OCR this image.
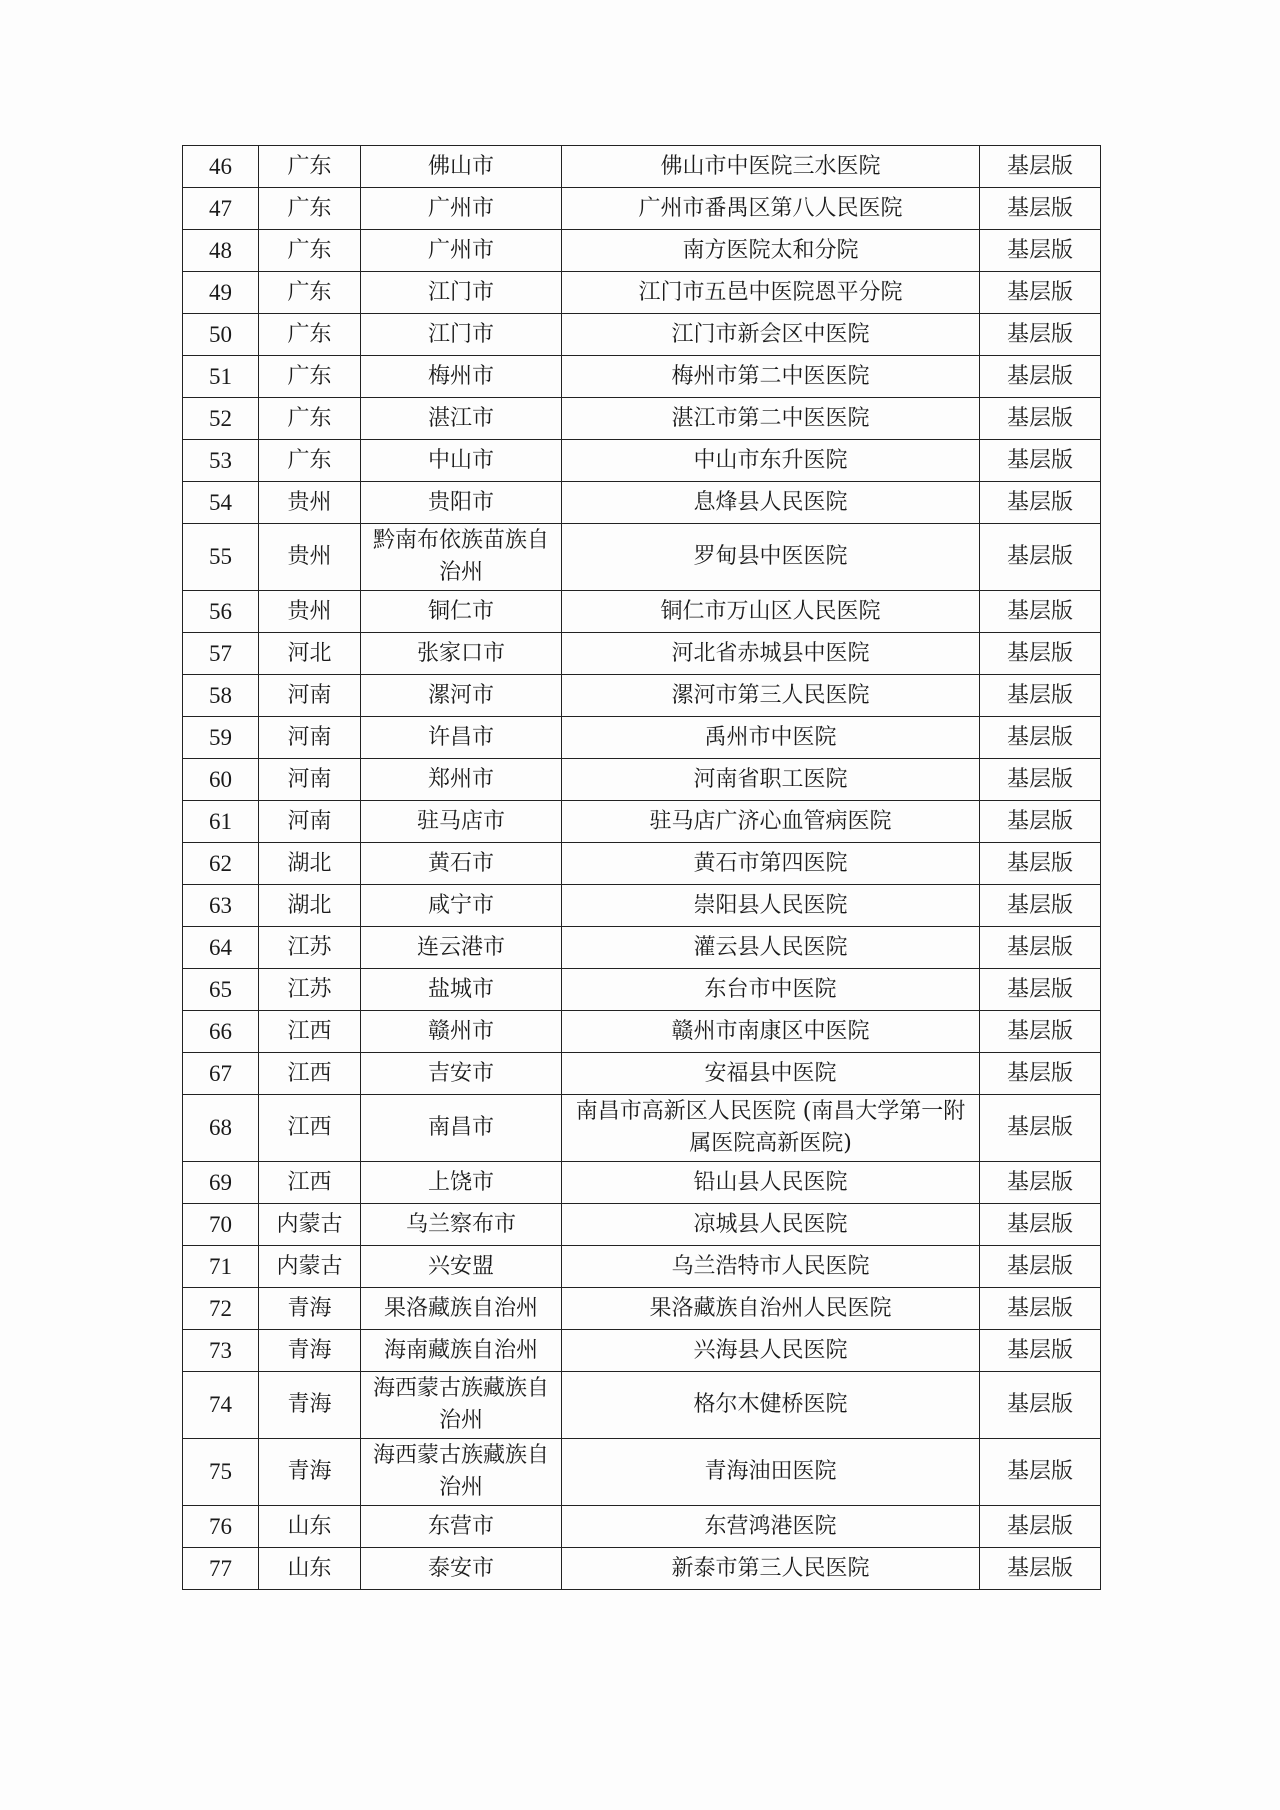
46	广东	佛山市	佛山市中医院三水医院	基层版
47	广东	广州市	广州市番禺区第八人民医院	基层版
48	广东	广州市	南方医院太和分院	基层版
49	广东	江门市	江门市五邑中医院恩平分院	基层版
50	广东	江门市	江门市新会区中医院	基层版
51	广东	梅州市	梅州市第二中医医院	基层版
52	广东	湛江市	湛江市第二中医医院	基层版
53	广东	中山市	中山市东升医院	基层版
54	贵州	贵阳市	息烽县人民医院	基层版
55	贵州	黔南布依族苗族自治州	罗甸县中医医院	基层版
56	贵州	铜仁市	铜仁市万山区人民医院	基层版
57	河北	张家口市	河北省赤城县中医院	基层版
58	河南	漯河市	漯河市第三人民医院	基层版
59	河南	许昌市	禹州市中医院	基层版
60	河南	郑州市	河南省职工医院	基层版
61	河南	驻马店市	驻马店广济心血管病医院	基层版
62	湖北	黄石市	黄石市第四医院	基层版
63	湖北	咸宁市	崇阳县人民医院	基层版
64	江苏	连云港市	灌云县人民医院	基层版
65	江苏	盐城市	东台市中医院	基层版
66	江西	赣州市	赣州市南康区中医院	基层版
67	江西	吉安市	安福县中医院	基层版
68	江西	南昌市	南昌市高新区人民医院 (南昌大学第一附属医院高新医院)	基层版
69	江西	上饶市	铅山县人民医院	基层版
70	内蒙古	乌兰察布市	凉城县人民医院	基层版
71	内蒙古	兴安盟	乌兰浩特市人民医院	基层版
72	青海	果洛藏族自治州	果洛藏族自治州人民医院	基层版
73	青海	海南藏族自治州	兴海县人民医院	基层版
74	青海	海西蒙古族藏族自治州	格尔木健桥医院	基层版
75	青海	海西蒙古族藏族自治州	青海油田医院	基层版
76	山东	东营市	东营鸿港医院	基层版
77	山东	泰安市	新泰市第三人民医院	基层版
